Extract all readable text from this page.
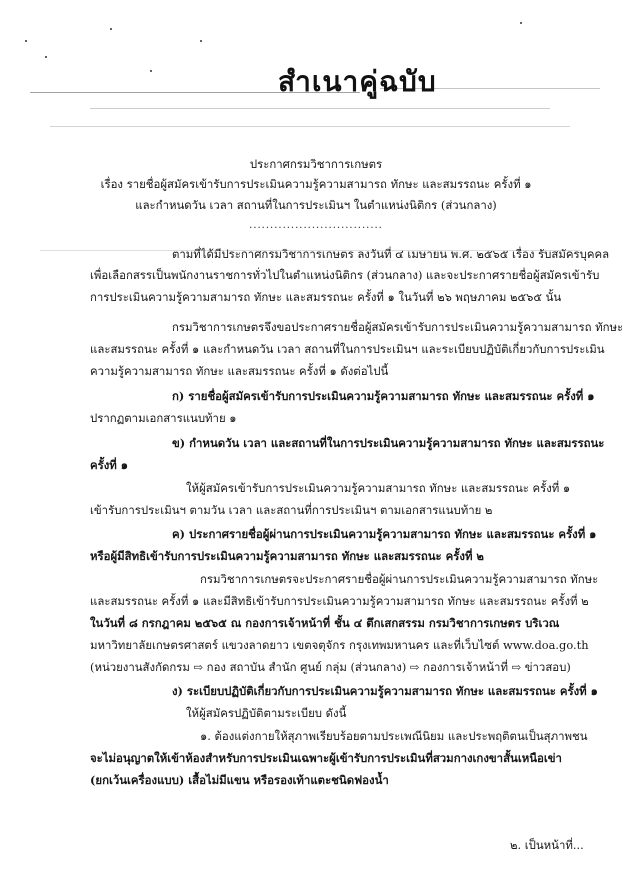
สำเนาคู่ฉบับ
ประกาศกรมวิชาการเกษตร
เรื่อง รายชื่อผู้สมัครเข้ารับการประเมินความรู้ความสามารถ ทักษะ และสมรรถนะ ครั้งที่ ๑
และกำหนดวัน เวลา สถานที่ในการประเมินฯ ในตำแหน่งนิติกร (ส่วนกลาง)
................................
ตามที่ได้มีประกาศกรมวิชาการเกษตร ลงวันที่ ๔ เมษายน พ.ศ. ๒๕๖๕ เรื่อง รับสมัครบุคคล
เพื่อเลือกสรรเป็นพนักงานราชการทั่วไปในตำแหน่งนิติกร (ส่วนกลาง) และจะประกาศรายชื่อผู้สมัครเข้ารับ
การประเมินความรู้ความสามารถ ทักษะ และสมรรถนะ ครั้งที่ ๑ ในวันที่ ๒๖ พฤษภาคม ๒๕๖๕ นั้น
กรมวิชาการเกษตรจึงขอประกาศรายชื่อผู้สมัครเข้ารับการประเมินความรู้ความสามารถ ทักษะ
และสมรรถนะ ครั้งที่ ๑ และกำหนดวัน เวลา สถานที่ในการประเมินฯ และระเบียบปฏิบัติเกี่ยวกับการประเมิน
ความรู้ความสามารถ ทักษะ และสมรรถนะ ครั้งที่ ๑ ดังต่อไปนี้
ก) รายชื่อผู้สมัครเข้ารับการประเมินความรู้ความสามารถ ทักษะ และสมรรถนะ ครั้งที่ ๑
ปรากฏตามเอกสารแนบท้าย ๑
ข) กำหนดวัน เวลา และสถานที่ในการประเมินความรู้ความสามารถ ทักษะ และสมรรถนะ
ครั้งที่ ๑
ให้ผู้สมัครเข้ารับการประเมินความรู้ความสามารถ ทักษะ และสมรรถนะ ครั้งที่ ๑
เข้ารับการประเมินฯ ตามวัน เวลา และสถานที่การประเมินฯ ตามเอกสารแนบท้าย ๒
ค) ประกาศรายชื่อผู้ผ่านการประเมินความรู้ความสามารถ ทักษะ และสมรรถนะ ครั้งที่ ๑
หรือผู้มีสิทธิเข้ารับการประเมินความรู้ความสามารถ ทักษะ และสมรรถนะ ครั้งที่ ๒
กรมวิชาการเกษตรจะประกาศรายชื่อผู้ผ่านการประเมินความรู้ความสามารถ ทักษะ
และสมรรถนะ ครั้งที่ ๑ และมีสิทธิเข้ารับการประเมินความรู้ความสามารถ ทักษะ และสมรรถนะ ครั้งที่ ๒
ในวันที่ ๘ กรกฎาคม ๒๕๖๕ ณ กองการเจ้าหน้าที่ ชั้น ๔ ตึกเสกสรรม กรมวิชาการเกษตร บริเวณ
มหาวิทยาลัยเกษตรศาสตร์ แขวงลาดยาว เขตจตุจักร กรุงเทพมหานคร และที่เว็บไซต์ www.doa.go.th
(หน่วยงานสังกัดกรม ⇨ กอง สถาบัน สำนัก ศูนย์ กลุ่ม (ส่วนกลาง) ⇨ กองการเจ้าหน้าที่ ⇨ ข่าวสอบ)
ง) ระเบียบปฏิบัติเกี่ยวกับการประเมินความรู้ความสามารถ ทักษะ และสมรรถนะ ครั้งที่ ๑
ให้ผู้สมัครปฏิบัติตามระเบียบ ดังนี้
๑. ต้องแต่งกายให้สุภาพเรียบร้อยตามประเพณีนิยม และประพฤติตนเป็นสุภาพชน
จะไม่อนุญาตให้เข้าห้องสำหรับการประเมินเฉพาะผู้เข้ารับการประเมินที่สวมกางเกงขาสั้นเหนือเข่า
(ยกเว้นเครื่องแบบ) เสื้อไม่มีแขน หรือรองเท้าแตะชนิดฟองน้ำ
๒. เป็นหน้าที่...
